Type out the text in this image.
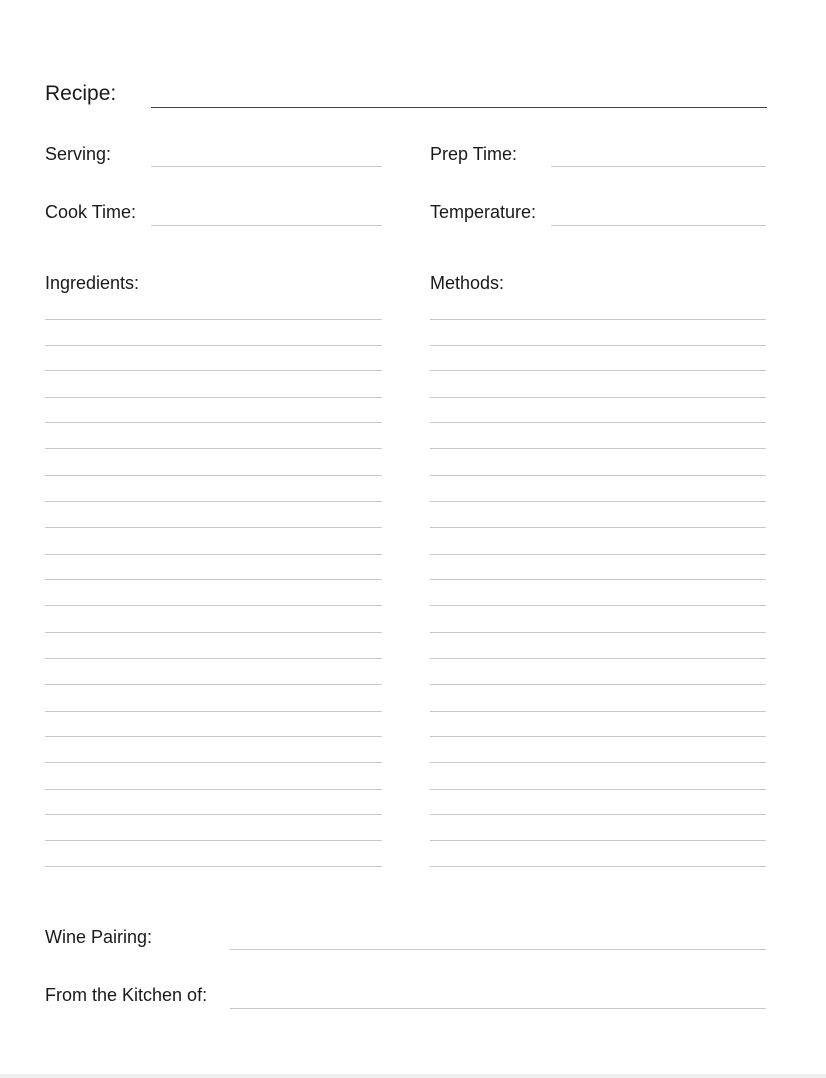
Recipe:
Serving:	Prep Time:
Cook Time:	Temperature:
Ingredients:	Methods:
Wine Pairing:
From the Kitchen of:
